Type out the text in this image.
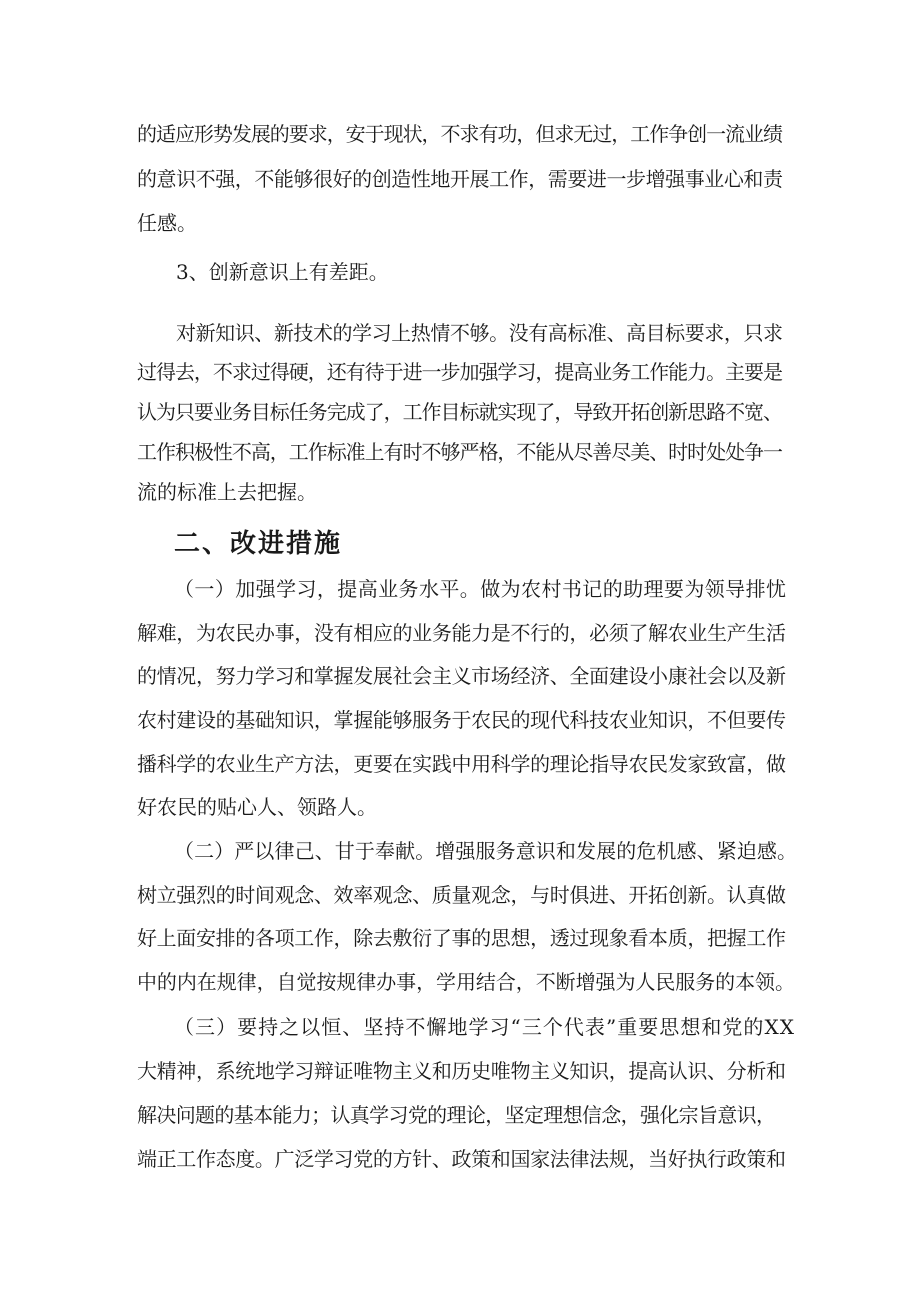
的适应形势发展的要求，安于现状，不求有功，但求无过，工作争创一流业绩
的意识不强，不能够很好的创造性地开展工作，需要进一步增强事业心和责
任感。
3、创新意识上有差距。
对新知识、新技术的学习上热情不够。没有高标准、高目标要求，只求
过得去，不求过得硬，还有待于进一步加强学习，提高业务工作能力。主要是
认为只要业务目标任务完成了，工作目标就实现了，导致开拓创新思路不宽、
工作积极性不高，工作标准上有时不够严格，不能从尽善尽美、时时处处争一
流的标准上去把握。
二、改进措施
（一）加强学习，提高业务水平。做为农村书记的助理要为领导排忧
解难，为农民办事，没有相应的业务能力是不行的，必须了解农业生产生活
的情况，努力学习和掌握发展社会主义市场经济、全面建设小康社会以及新
农村建设的基础知识，掌握能够服务于农民的现代科技农业知识，不但要传
播科学的农业生产方法，更要在实践中用科学的理论指导农民发家致富，做
好农民的贴心人、领路人。
（二）严以律己、甘于奉献。增强服务意识和发展的危机感、紧迫感。
树立强烈的时间观念、效率观念、质量观念，与时俱进、开拓创新。认真做
好上面安排的各项工作，除去敷衍了事的思想，透过现象看本质，把握工作
中的内在规律，自觉按规律办事，学用结合，不断增强为人民服务的本领。
（三）要持之以恒、坚持不懈地学习“三个代表”重要思想和党的XX
大精神，系统地学习辩证唯物主义和历史唯物主义知识，提高认识、分析和
解决问题的基本能力；认真学习党的理论，坚定理想信念，强化宗旨意识，
端正工作态度。广泛学习党的方针、政策和国家法律法规，当好执行政策和
